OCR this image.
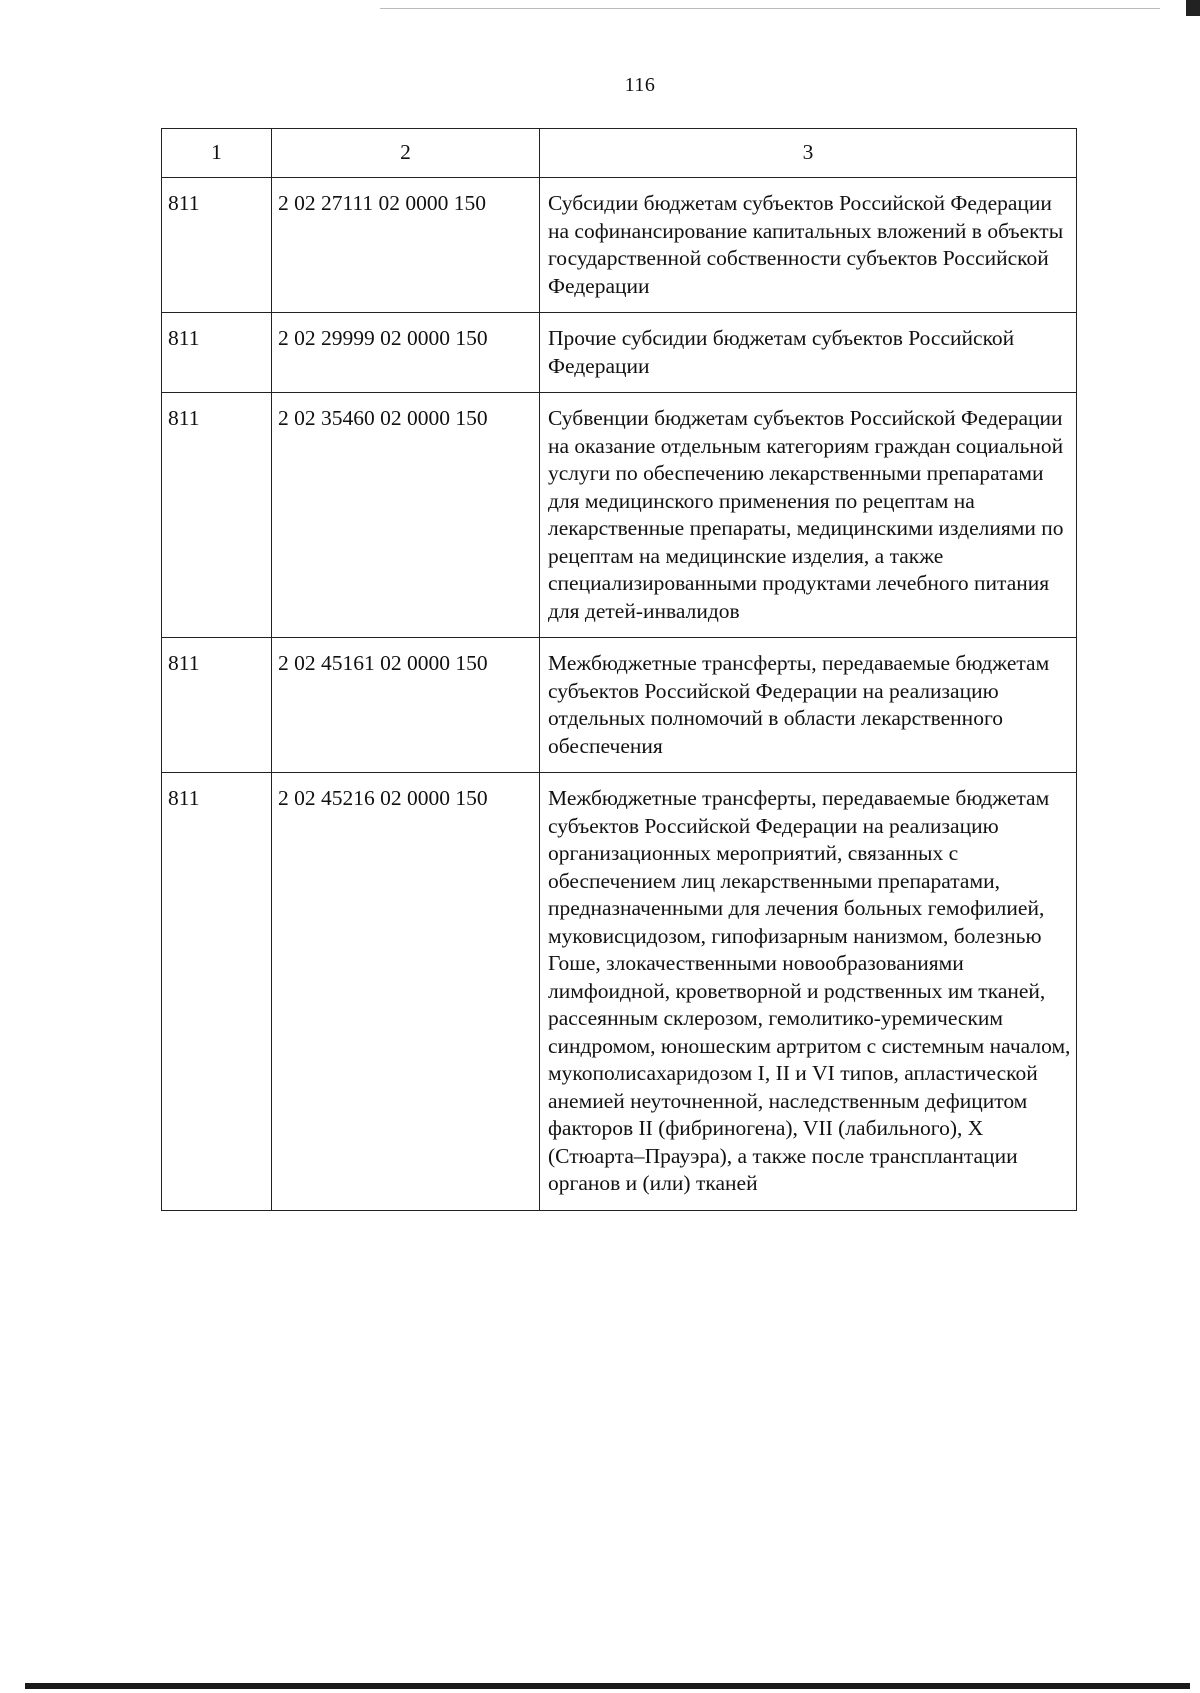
116
1	2	3
811	2 02 27111 02 0000 150	Субсидии бюджетам субъектов Российской Федерации на софинансирование капитальных вложений в объекты государственной собственности субъектов Российской Федерации
811	2 02 29999 02 0000 150	Прочие субсидии бюджетам субъектов Российской Федерации
811	2 02 35460 02 0000 150	Субвенции бюджетам субъектов Российской Федерации на оказание отдельным категориям граждан социальной услуги по обеспечению лекарственными препаратами для медицинского применения по рецептам на лекарственные препараты, медицинскими изделиями по рецептам на медицинские изделия, а также специализированными продуктами лечебного питания для детей-инвалидов
811	2 02 45161 02 0000 150	Межбюджетные трансферты, передаваемые бюджетам субъектов Российской Федерации на реализацию отдельных полномочий в области лекарственного обеспечения
811	2 02 45216 02 0000 150	Межбюджетные трансферты, передаваемые бюджетам субъектов Российской Федерации на реализацию организационных мероприятий, связанных с обеспечением лиц лекарственными препаратами, предназначенными для лечения больных гемофилией, муковисцидозом, гипофизарным нанизмом, болезнью Гоше, злокачественными новообразованиями лимфоидной, кроветворной и родственных им тканей, рассеянным склерозом, гемолитико-уремическим синдромом, юношеским артритом с системным началом, мукополисахаридозом I, II и VI типов, апластической анемией неуточненной, наследственным дефицитом факторов II (фибриногена), VII (лабильного), X (Стюарта–Прауэра), а также после трансплантации органов и (или) тканей
